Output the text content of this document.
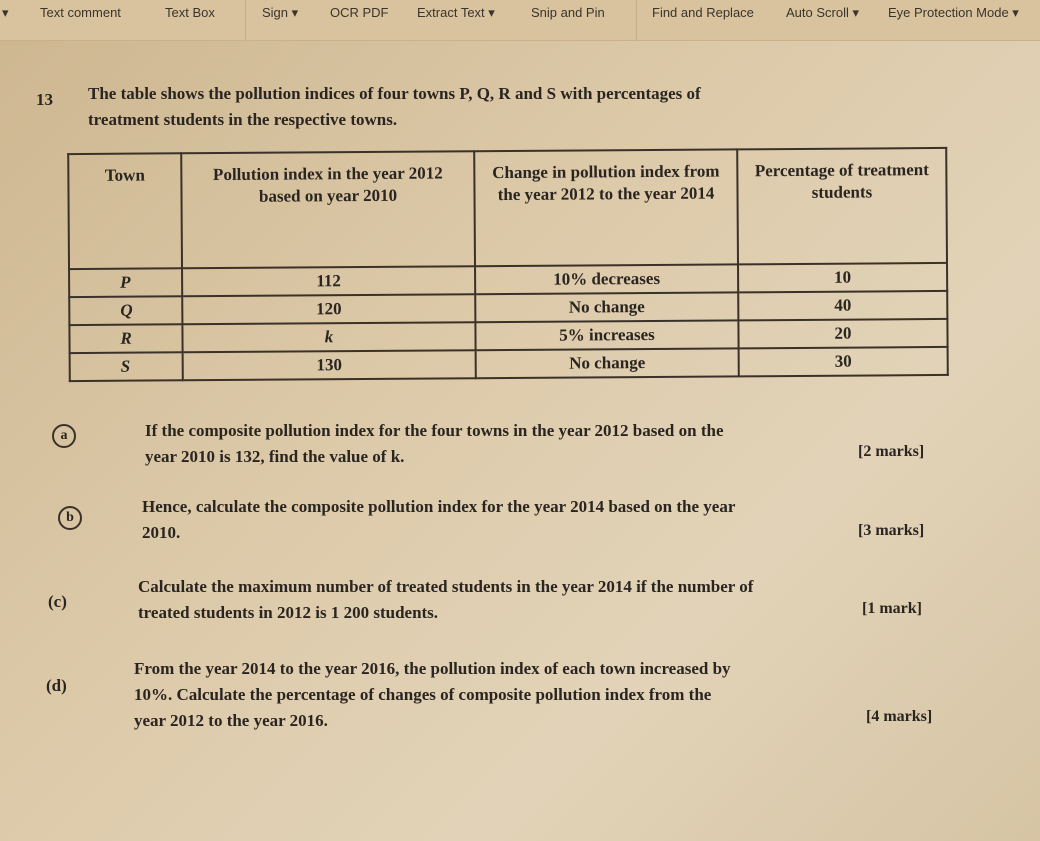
▾ Text comment	Text Box	Sign ▾ OCR PDF Extract Text ▾	Snip and Pin	Find and Replace Auto Scroll ▾ Eye Protection Mode ▾
13 The table shows the pollution indices of four towns P, Q, R and S with percentages of
treatment students in the respective towns.
Town	Pollution index in the year 2012 based on year 2010	Change in pollution index from the year 2012 to the year 2014	Percentage of treatment students
P	112	10% decreases	10
Q	120	No change	40
R	k	5% increases	20
S	130	No change	30
a	If the composite pollution index for the four towns in the year 2012 based on the
year 2010 is 132, find the value of k.	[2 marks]
b
Hence, calculate the composite pollution index for the year 2014 based on the year
2010.	[3 marks]
(c)
Calculate the maximum number of treated students in the year 2014 if the number of
treated students in 2012 is 1 200 students.	[1 mark]
(d)
From the year 2014 to the year 2016, the pollution index of each town increased by
10%. Calculate the percentage of changes of composite pollution index from the
year 2012 to the year 2016.	[4 marks]
